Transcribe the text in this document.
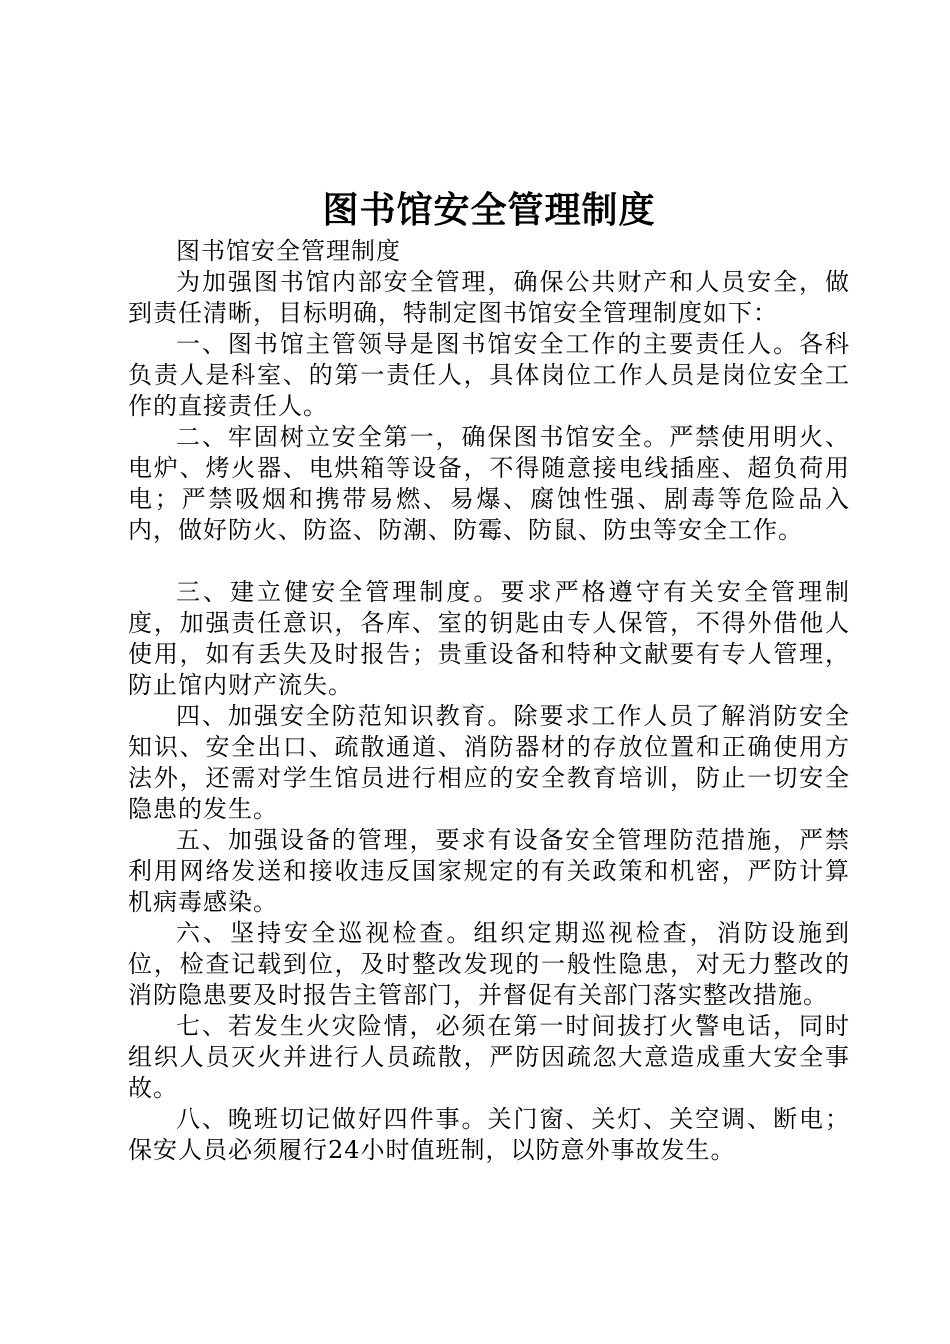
图书馆安全管理制度

图书馆安全管理制度

为加强图书馆内部安全管理，确保公共财产和人员安全，做到责任清晰，目标明确，特制定图书馆安全管理制度如下：

一、图书馆主管领导是图书馆安全工作的主要责任人。各科负责人是科室、的第一责任人，具体岗位工作人员是岗位安全工作的直接责任人。

二、牢固树立安全第一，确保图书馆安全。严禁使用明火、电炉、烤火器、电烘箱等设备，不得随意接电线插座、超负荷用电；严禁吸烟和携带易燃、易爆、腐蚀性强、剧毒等危险品入内，做好防火、防盗、防潮、防霉、防鼠、防虫等安全工作。

三、建立健安全管理制度。要求严格遵守有关安全管理制度，加强责任意识，各库、室的钥匙由专人保管，不得外借他人使用，如有丢失及时报告；贵重设备和特种文献要有专人管理，防止馆内财产流失。

四、加强安全防范知识教育。除要求工作人员了解消防安全知识、安全出口、疏散通道、消防器材的存放位置和正确使用方法外，还需对学生馆员进行相应的安全教育培训，防止一切安全隐患的发生。

五、加强设备的管理，要求有设备安全管理防范措施，严禁利用网络发送和接收违反国家规定的有关政策和机密，严防计算机病毒感染。

六、坚持安全巡视检查。组织定期巡视检查，消防设施到位，检查记载到位，及时整改发现的一般性隐患，对无力整改的消防隐患要及时报告主管部门，并督促有关部门落实整改措施。

七、若发生火灾险情，必须在第一时间拔打火警电话，同时组织人员灭火并进行人员疏散，严防因疏忽大意造成重大安全事故。

八、晚班切记做好四件事。关门窗、关灯、关空调、断电；保安人员必须履行24小时值班制，以防意外事故发生。
